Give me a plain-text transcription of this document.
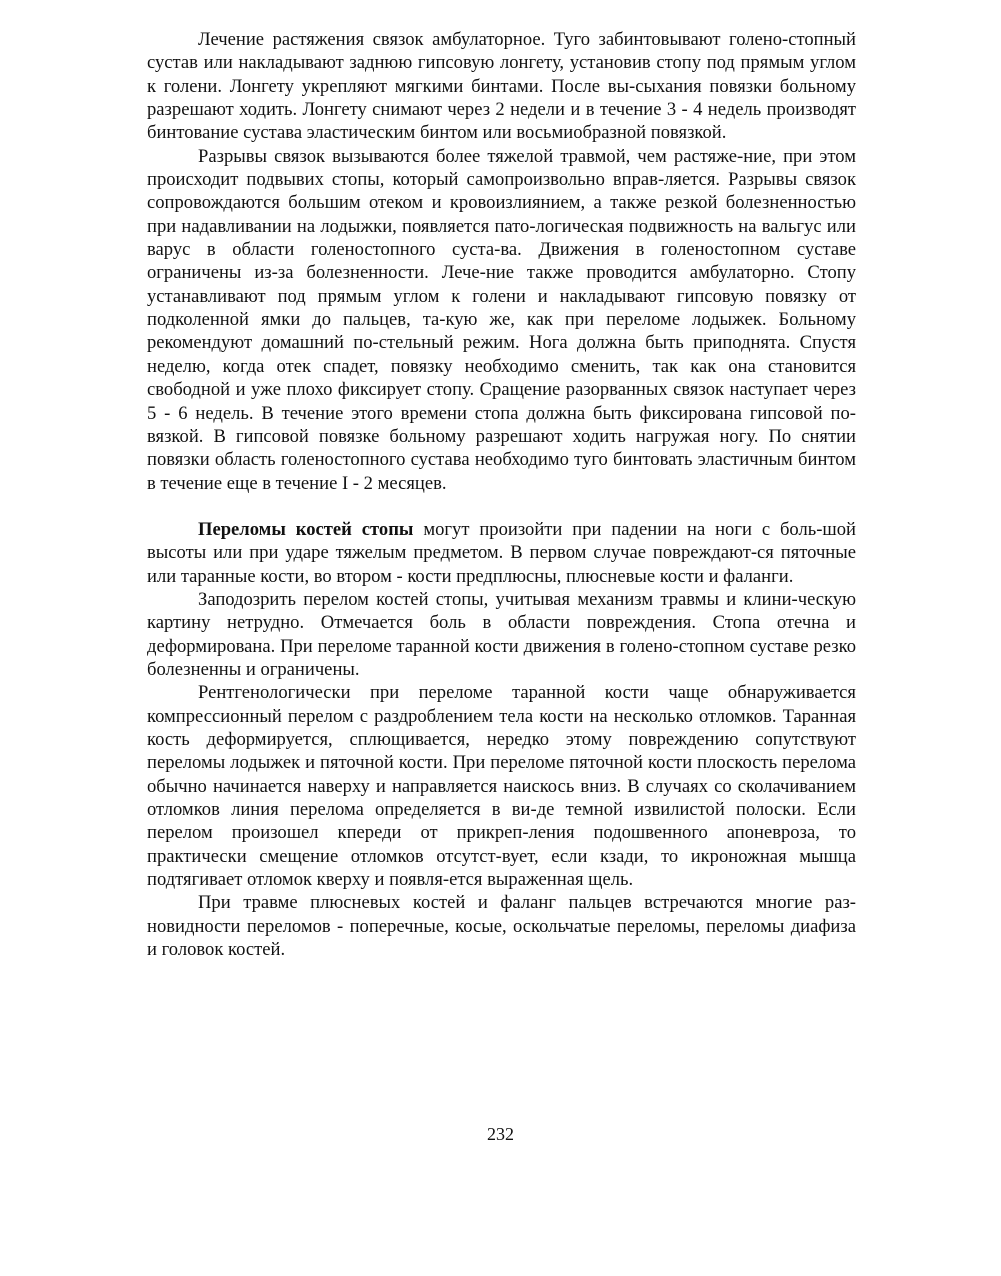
Лечение растяжения связок амбулаторное. Туго забинтовывают голено-стопный сустав или накладывают заднюю гипсовую лонгету, установив стопу под прямым углом к голени. Лонгету укрепляют мягкими бинтами. После вы-сыхания повязки больному разрешают ходить. Лонгету снимают через 2 недели и в течение 3 - 4 недель производят бинтование сустава эластическим бинтом или восьмиобразной повязкой.

Разрывы связок вызываются более тяжелой травмой, чем растяже-ние, при этом происходит подвывих стопы, который самопроизвольно вправ-ляется. Разрывы связок сопровождаются большим отеком и кровоизлиянием, а также резкой болезненностью при надавливании на лодыжки, появляется пато-логическая подвижность на вальгус или варус в области голеностопного суста-ва. Движения в голеностопном суставе ограничены из-за болезненности. Лече-ние также проводится амбулаторно. Стопу устанавливают под прямым углом к голени и накладывают гипсовую повязку от подколенной ямки до пальцев, та-кую же, как при переломе лодыжек. Больному рекомендуют домашний по-стельный режим. Нога должна быть приподнята. Спустя неделю, когда отек спадет, повязку необходимо сменить, так как она становится свободной и уже плохо фиксирует стопу. Сращение разорванных связок наступает через 5 - 6 недель. В течение этого времени стопа должна быть фиксирована гипсовой по-вязкой. В гипсовой повязке больному разрешают ходить нагружая ногу. По снятии повязки область голеностопного сустава необходимо туго бинтовать эластичным бинтом в течение еще в течение I - 2 месяцев.

Переломы костей стопы могут произойти при падении на ноги с боль-шой высоты или при ударе тяжелым предметом. В первом случае повреждают-ся пяточные или таранные кости, во втором - кости предплюсны, плюсневые кости и фаланги.

Заподозрить перелом костей стопы, учитывая механизм травмы и клини-ческую картину нетрудно. Отмечается боль в области повреждения. Стопа отечна и деформирована. При переломе таранной кости движения в голено-стопном суставе резко болезненны и ограничены.

Рентгенологически при переломе таранной кости чаще обнаруживается компрессионный перелом с раздроблением тела кости на несколько отломков. Таранная кость деформируется, сплющивается, нередко этому повреждению сопутствуют переломы лодыжек и пяточной кости. При переломе пяточной кости плоскость перелома обычно начинается наверху и направляется наискось вниз. В случаях со сколачиванием отломков линия перелома определяется в ви-де темной извилистой полоски. Если перелом произошел кпереди от прикреп-ления подошвенного апоневроза, то практически смещение отломков отсутст-вует, если кзади, то икроножная мышца подтягивает отломок кверху и появля-ется выраженная щель.

При травме плюсневых костей и фаланг пальцев встречаются многие раз-новидности переломов - поперечные, косые, оскольчатые переломы, переломы диафиза и головок костей.

232
